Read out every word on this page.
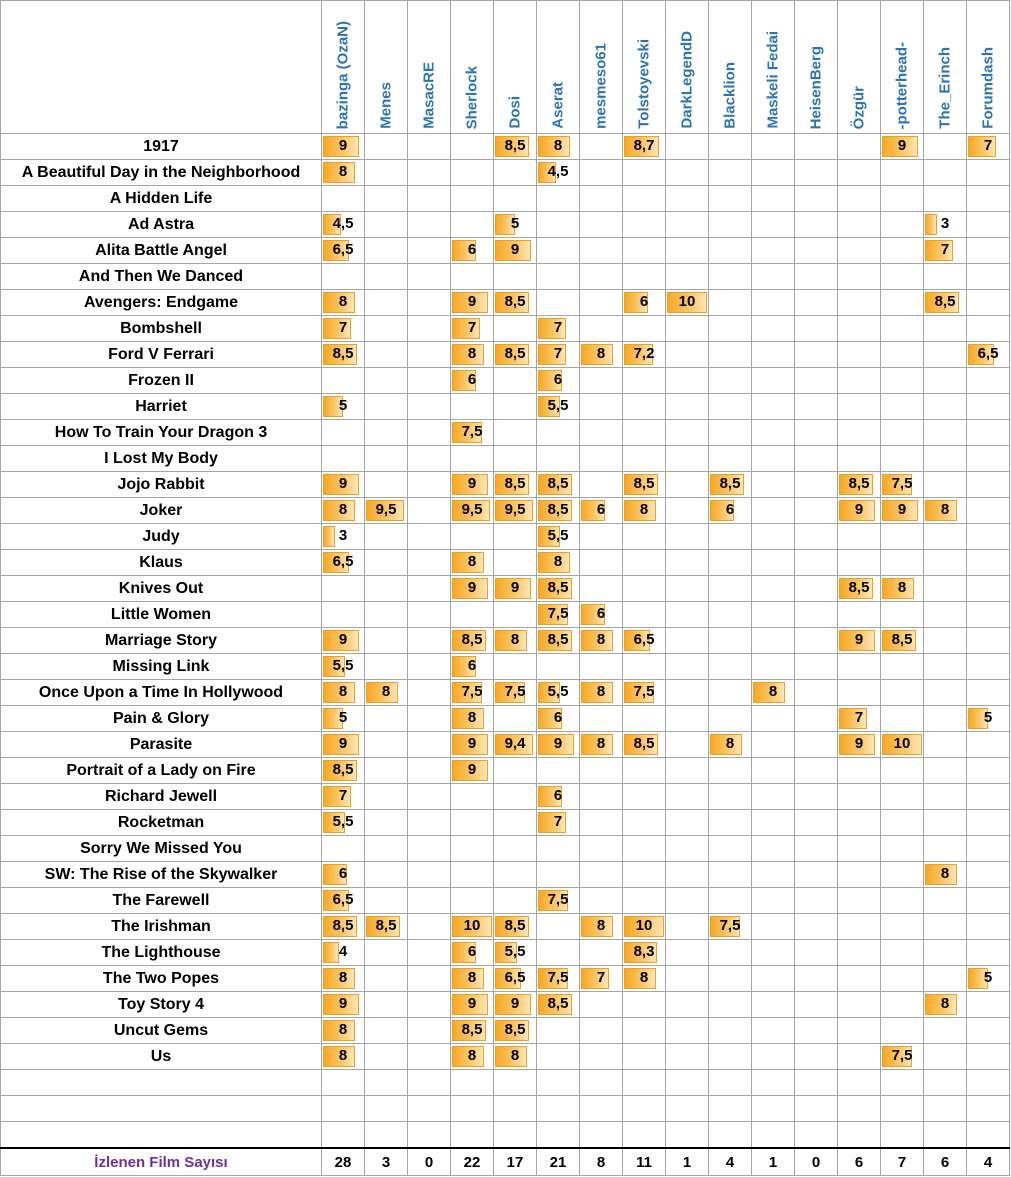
	bazinga (OzaN)	Menes	MasacRE	Sherlock	Dosi	Aserat	mesmeso61	Tolstoyevski	DarkLegendD	Blacklion	Maskeli Fedai	HeisenBerg	Özgür	-potterhead-	The_Erinch	Forumdash

1917	9				8,5	8		8,7						9		7

A Beautiful Day in the Neighborhood	8					4,5										

A Hidden Life																
Ad Astra	4,5				5										3	

Alita Battle Angel	6,5			6	9										7	

And Then We Danced																
Avengers: Endgame	8			9	8,5			6	10						8,5	

Bombshell	7			7		7										

Ford V Ferrari	8,5			8	8,5	7	8	7,2								6,5

Frozen II				6		6										

Harriet	5					5,5										

How To Train Your Dragon 3				7,5												

I Lost My Body																
Jojo Rabbit	9			9	8,5	8,5		8,5		8,5			8,5	7,5		

Joker	8	9,5		9,5	9,5	8,5	6	8		6			9	9	8	

Judy	3					5,5										

Klaus	6,5			8		8										

Knives Out				9	9	8,5							8,5	8		

Little Women						7,5	6									

Marriage Story	9			8,5	8	8,5	8	6,5					9	8,5		

Missing Link	5,5			6												

Once Upon a Time In Hollywood	8	8		7,5	7,5	5,5	8	7,5			8					

Pain & Glory	5			8		6							7			5

Parasite	9			9	9,4	9	8	8,5		8			9	10		

Portrait of a Lady on Fire	8,5			9												

Richard Jewell	7					6										

Rocketman	5,5					7										

Sorry We Missed You																
SW: The Rise of the Skywalker	6														8	

The Farewell	6,5					7,5										

The Irishman	8,5	8,5		10	8,5		8	10		7,5						

The Lighthouse	4			6	5,5			8,3								

The Two Popes	8			8	6,5	7,5	7	8								5

Toy Story 4	9			9	9	8,5									8	

Uncut Gems	8			8,5	8,5											

Us	8			8	8									7,5		

İzlenen Film Sayısı	28	3	0	22	17	21	8	11	1	4	1	0	6	7	6	4
